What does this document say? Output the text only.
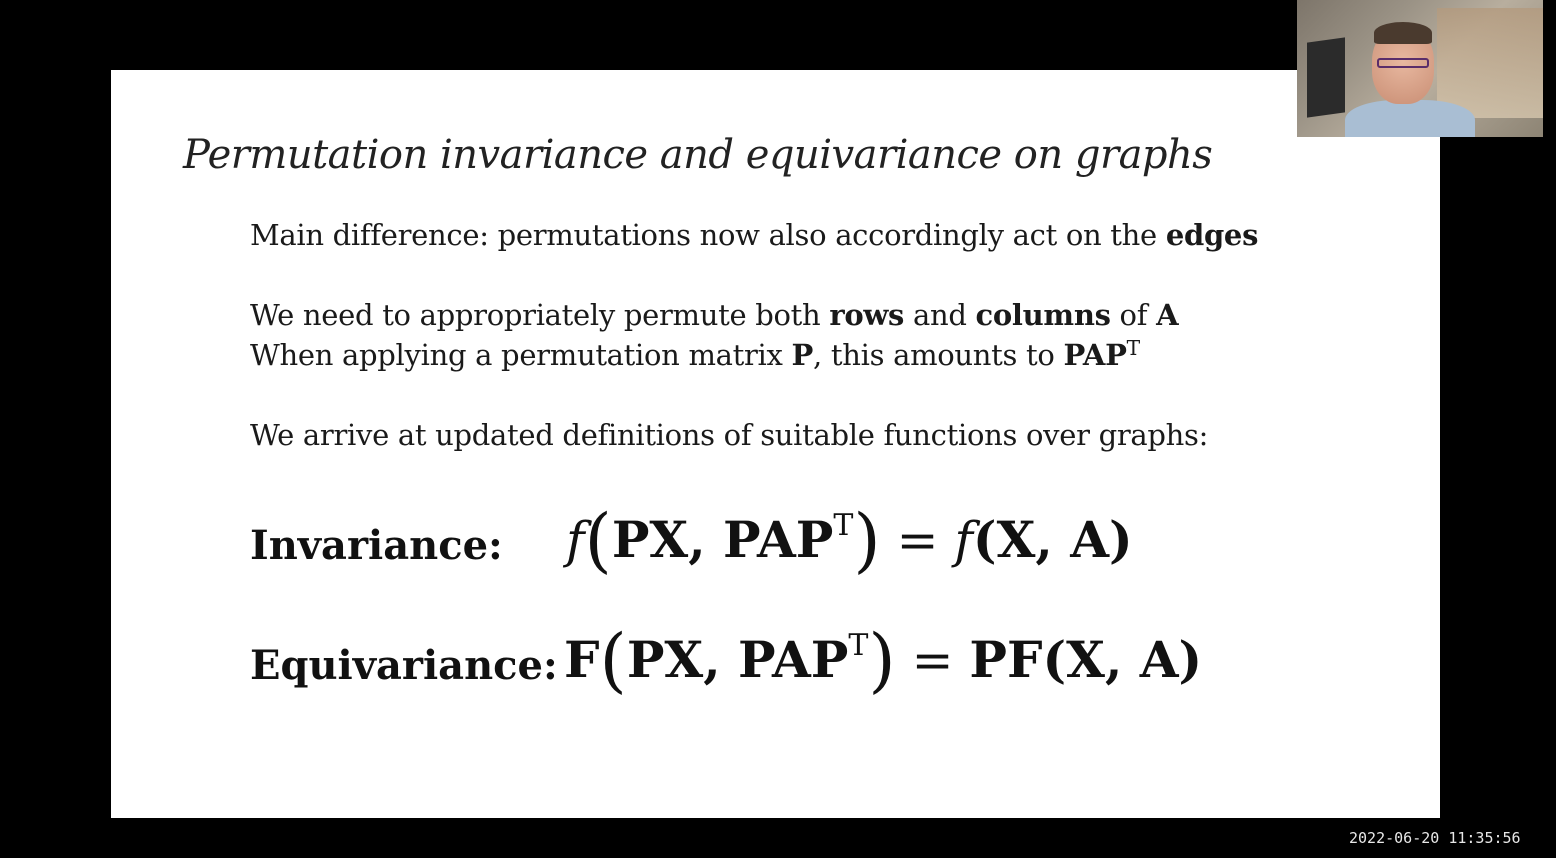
Permutation invariance and equivariance on graphs
Main difference: permutations now also accordingly act on the edges
We need to appropriately permute both rows and columns of A
When applying a permutation matrix P, this amounts to $PAP^T$
We arrive at updated definitions of suitable functions over graphs:
Invariance: f(PX, $PAP^T) = f(X$, A)
Equivariance: F(PX, $PAP^T) = PF(X$, A)
2022-06-20 11:35:56
